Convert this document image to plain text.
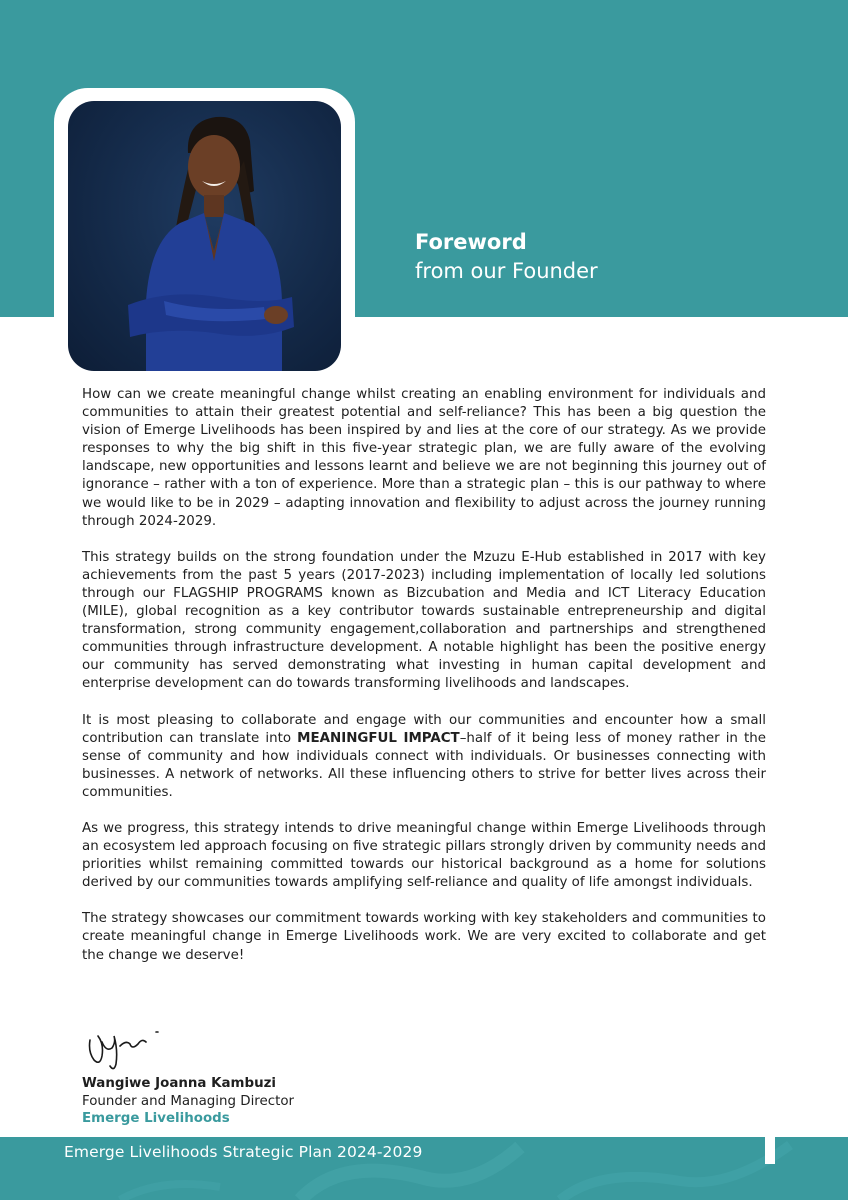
Foreword
from our Founder

How can we create meaningful change whilst creating an enabling environment for individuals and communities to attain their greatest potential and self-reliance? This has been a big question the vision of Emerge Livelihoods has been inspired by and lies at the core of our strategy. As we provide responses to why the big shift in this five-year strategic plan, we are fully aware of the evolving landscape, new opportunities and lessons learnt and believe we are not beginning this journey out of ignorance – rather with a ton of experience. More than a strategic plan – this is our pathway to where we would like to be in 2029 – adapting innovation and flexibility to adjust across the journey running through 2024-2029.

This strategy builds on the strong foundation under the Mzuzu E-Hub established in 2017 with key achievements from the past 5 years (2017-2023) including implementation of locally led solutions through our FLAGSHIP PROGRAMS known as Bizcubation and Media and ICT Literacy Education (MILE), global recognition as a key contributor towards sustainable entrepreneurship and digital transformation, strong community engagement,collaboration and partnerships and strengthened communities through infrastructure development. A notable highlight has been the positive energy our community has served demonstrating what investing in human capital development and enterprise development can do towards transforming livelihoods and landscapes.

It is most pleasing to collaborate and engage with our communities and encounter how a small contribution can translate into MEANINGFUL IMPACT–half of it being less of money rather in the sense of community and how individuals connect with individuals. Or businesses connecting with businesses. A network of networks. All these influencing others to strive for better lives across their communities.

As we progress, this strategy intends to drive meaningful change within Emerge Livelihoods through an ecosystem led approach focusing on five strategic pillars strongly driven by community needs and priorities whilst remaining committed towards our historical background as a home for solutions derived by our communities towards amplifying self-reliance and quality of life amongst individuals.

The strategy showcases our commitment towards working with key stakeholders and communities to create meaningful change in Emerge Livelihoods work. We are very excited to collaborate and get the change we deserve!

Wangiwe Joanna Kambuzi
Founder and Managing Director
Emerge Livelihoods
Emerge Livelihoods Strategic Plan 2024-2029
